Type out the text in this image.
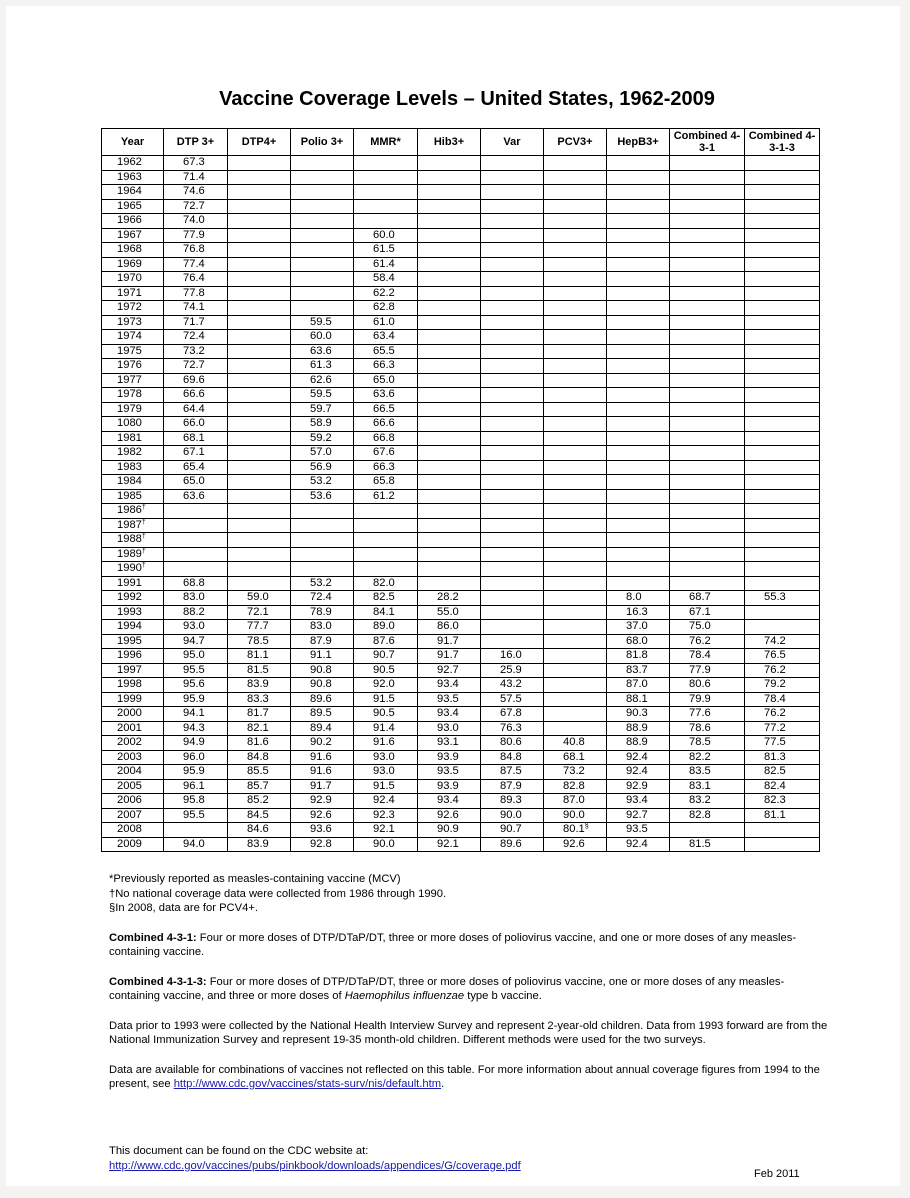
Vaccine Coverage Levels – United States, 1962-2009
Year	DTP 3+	DTP4+	Polio 3+	MMR*	Hib3+	Var	PCV3+	HepB3+	Combined 4-3-1	Combined 4-3-1-3
1962	67.3									
1963	71.4									
1964	74.6									
1965	72.7									
1966	74.0									
1967	77.9			60.0						
1968	76.8			61.5						
1969	77.4			61.4						
1970	76.4			58.4						
1971	77.8			62.2						
1972	74.1			62.8						
1973	71.7		59.5	61.0						
1974	72.4		60.0	63.4						
1975	73.2		63.6	65.5						
1976	72.7		61.3	66.3						
1977	69.6		62.6	65.0						
1978	66.6		59.5	63.6						
1979	64.4		59.7	66.5						
1080	66.0		58.9	66.6						
1981	68.1		59.2	66.8						
1982	67.1		57.0	67.6						
1983	65.4		56.9	66.3						
1984	65.0		53.2	65.8						
1985	63.6		53.6	61.2						
1986†										
1987†										
1988†										
1989†										
1990†										
1991	68.8		53.2	82.0						
1992	83.0	59.0	72.4	82.5	28.2			8.0	68.7	55.3
1993	88.2	72.1	78.9	84.1	55.0			16.3	67.1	
1994	93.0	77.7	83.0	89.0	86.0			37.0	75.0	
1995	94.7	78.5	87.9	87.6	91.7			68.0	76.2	74.2
1996	95.0	81.1	91.1	90.7	91.7	16.0		81.8	78.4	76.5
1997	95.5	81.5	90.8	90.5	92.7	25.9		83.7	77.9	76.2
1998	95.6	83.9	90.8	92.0	93.4	43.2		87.0	80.6	79.2
1999	95.9	83.3	89.6	91.5	93.5	57.5		88.1	79.9	78.4
2000	94.1	81.7	89.5	90.5	93.4	67.8		90.3	77.6	76.2
2001	94.3	82.1	89.4	91.4	93.0	76.3		88.9	78.6	77.2
2002	94.9	81.6	90.2	91.6	93.1	80.6	40.8	88.9	78.5	77.5
2003	96.0	84.8	91.6	93.0	93.9	84.8	68.1	92.4	82.2	81.3
2004	95.9	85.5	91.6	93.0	93.5	87.5	73.2	92.4	83.5	82.5
2005	96.1	85.7	91.7	91.5	93.9	87.9	82.8	92.9	83.1	82.4
2006	95.8	85.2	92.9	92.4	93.4	89.3	87.0	93.4	83.2	82.3
2007	95.5	84.5	92.6	92.3	92.6	90.0	90.0	92.7	82.8	81.1
2008		84.6	93.6	92.1	90.9	90.7	80.1§	93.5		
2009	94.0	83.9	92.8	90.0	92.1	89.6	92.6	92.4	81.5	

*Previously reported as measles-containing vaccine (MCV)

†No national coverage data were collected from 1986 through 1990.

§In 2008, data are for PCV4+.

Combined 4-3-1: Four or more doses of DTP/DTaP/DT, three or more doses of poliovirus vaccine, and one or more doses of any measles-containing vaccine.

Combined 4-3-1-3: Four or more doses of DTP/DTaP/DT, three or more doses of poliovirus vaccine, one or more doses of any measles-containing vaccine, and three or more doses of Haemophilus influenzae type b vaccine.

Data prior to 1993 were collected by the National Health Interview Survey and represent 2-year-old children. Data from 1993 forward are from the National Immunization Survey and represent 19-35 month-old children. Different methods were used for the two surveys.

Data are available for combinations of vaccines not reflected on this table. For more information about annual coverage figures from 1994 to the present, see http://www.cdc.gov/vaccines/stats-surv/nis/default.htm.

This document can be found on the CDC website at:
http://www.cdc.gov/vaccines/pubs/pinkbook/downloads/appendices/G/coverage.pdf
Feb 2011
